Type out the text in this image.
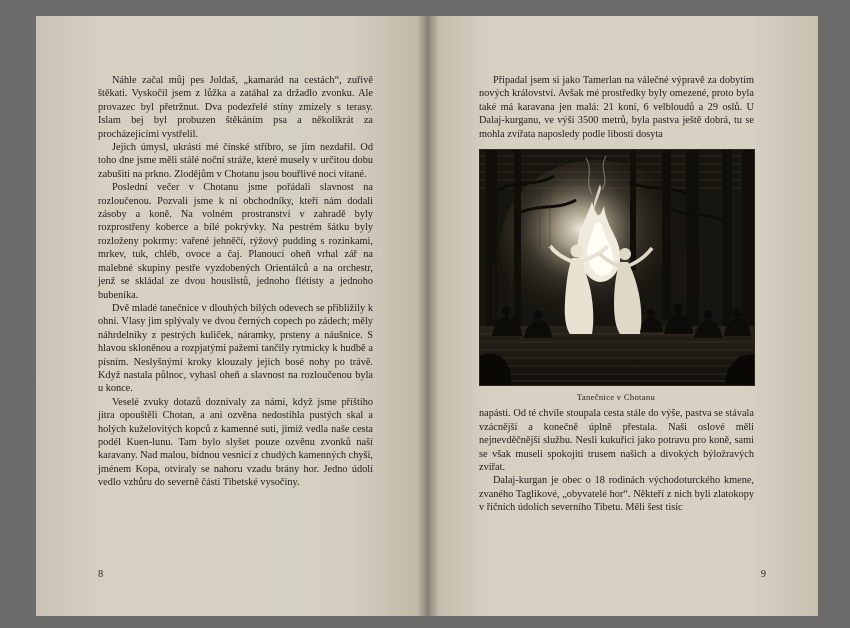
Náhle začal můj pes Joldaš, „kamarád na cestách“, zuřivě štěkati. Vyskočil jsem z lůžka a zatáhal za držadlo zvonku. Ale provazec byl přetržnut. Dva podezřelé stíny zmizely s terasy. Islam bej byl probuzen štěkáním psa a několikrát za procházejícími vystřelil.

Jejich úmysl, ukrásti mé čínské stříbro, se jim nezdařil. Od toho dne jsme měli stálé noční stráže, které musely v určitou dobu zabušiti na prkno. Zlodějům v Chotanu jsou bouřlivé noci vítané.

Poslední večer v Chotanu jsme pořádali slavnost na rozloučenou. Pozvali jsme k ní obchodníky, kteří nám dodali zásoby a koně. Na volném prostranství v zahradě byly rozprostřeny koberce a bílé pokrývky. Na pestrém šátku byly rozloženy pokrmy: vařené jehněčí, rýžový pudding s rozinkami, mrkev, tuk, chléb, ovoce a čaj. Planoucí oheň vrhal zář na malebné skupiny pestře vyzdobených Orientálců a na orchestr, jenž se skládal ze dvou houslistů, jednoho flétisty a jednoho bubeníka.

Dvě mladé tanečnice v dlouhých bílých odevech se přibližily k ohni. Vlasy jim splývaly ve dvou černých copech po zádech; měly náhrdelníky z pestrých kuliček, náramky, prsteny a náušnice. S hlavou skloněnou a rozpjatými pažemi tančily rytmicky k hudbě a písním. Neslyšnými kroky klouzaly jejich bosé nohy po trávě. Když nastala půlnoc, vyhasl oheň a slavnost na rozloučenou byla u konce.

Veselé zvuky dotazů doznívaly za námi, když jsme příštího jitra opouštěli Chotan, a ani ozvěna nedostihla pustých skal a holých kuželovitých kopců z kamenné suti, jimiž vedla naše cesta podél Kuen-lunu. Tam bylo slyšet pouze ozvěnu zvonků naší karavany. Nad malou, bídnou vesnicí z chudých kamenných chyší, jménem Kopa, otvíraly se nahoru vzadu brány hor. Jedno údolí vedlo vzhůru do severně části Tibetské vysočiny.

8

Připadal jsem si jako Tamerlan na válečné výpravě za dobytím nových království. Avšak mé prostředky byly omezené, proto byla také má karavana jen malá: 21 koní, 6 velbloudů a 29 oslů. U Dalaj-kurganu, ve výši 3500 metrů, byla pastva ještě dobrá, tu se mohla zvířata naposledy podle libosti dosyta

Tanečnice v Chotanu

napásti. Od té chvíle stoupala cesta stále do výše, pastva se stávala vzácnější a konečně úplně přestala. Naši oslové měli nejnevděčnější službu. Nesli kukuřici jako potravu pro koně, sami se však museli spokojiti trusem našich a divokých býložravých zvířat.

Dalaj-kurgan je obec o 18 rodinách východoturckého kmene, zvaného Taglikové, „obyvatelé hor“. Někteří z nich byli zlatokopy v říčních údolích severního Tibetu. Měli šest tisíc

9
